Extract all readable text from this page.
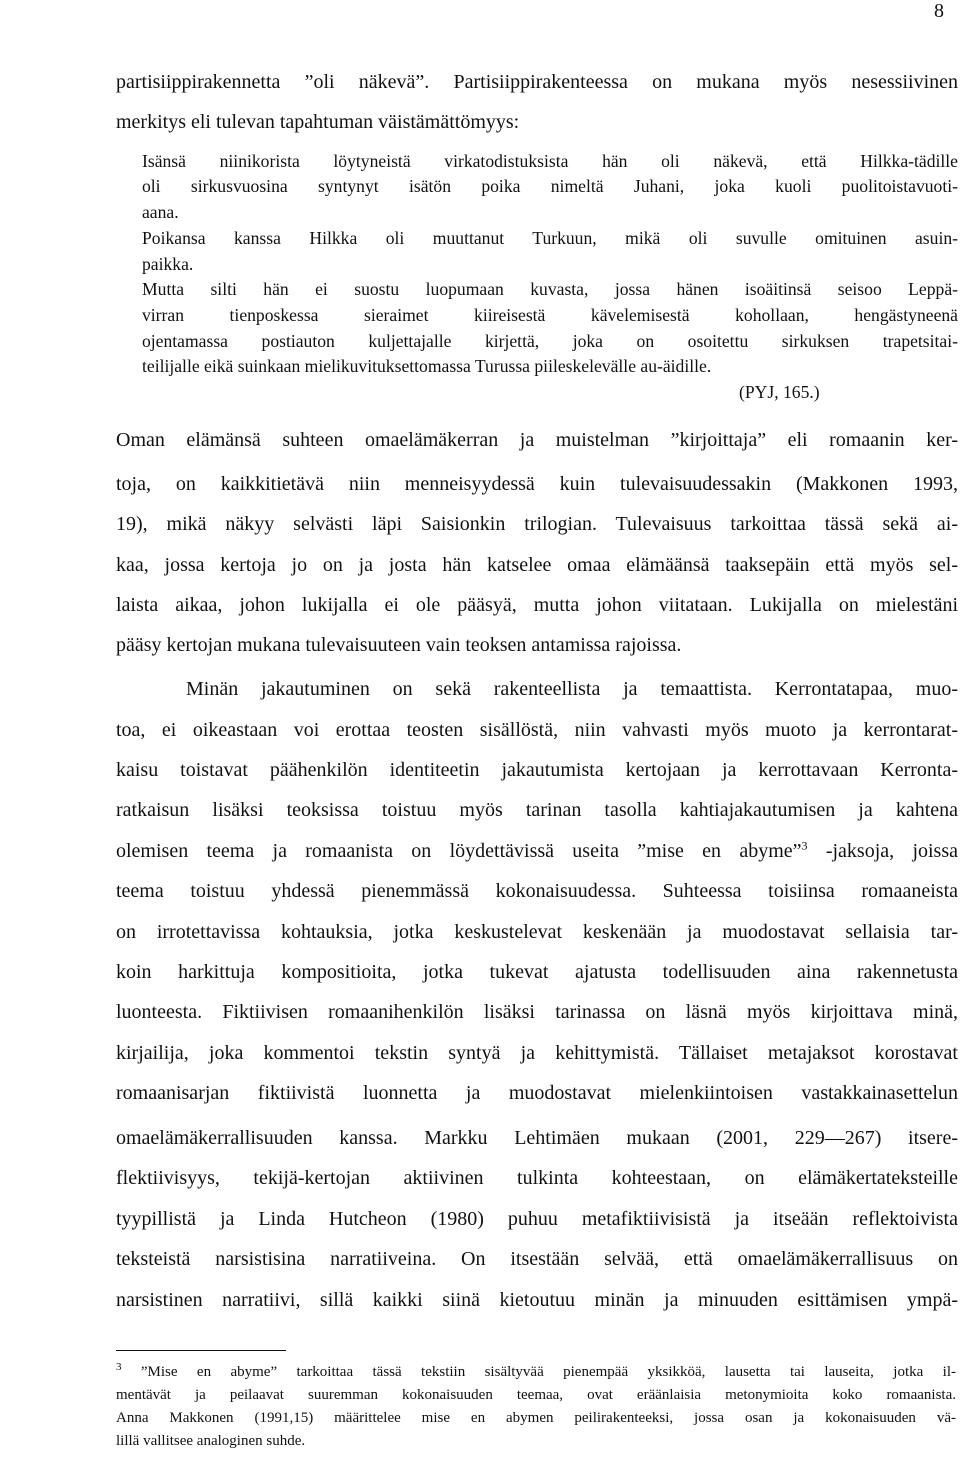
8
partisiippirakennetta ”oli näkevä”. Partisiippirakenteessa on mukana myös nesessiivinen
merkitys eli tulevan tapahtuman väistämättömyys:
Isänsä niinikorista löytyneistä virkatodistuksista hän oli näkevä, että Hilkka-tädille
oli sirkusvuosina syntynyt isätön poika nimeltä Juhani, joka kuoli puolitoistavuoti-
aana.
Poikansa kanssa Hilkka oli muuttanut Turkuun, mikä oli suvulle omituinen asuin-
paikka.
Mutta silti hän ei suostu luopumaan kuvasta, jossa hänen isoäitinsä seisoo Leppä-
virran tienposkessa sieraimet kiireisestä kävelemisestä kohollaan, hengästyneenä
ojentamassa postiauton kuljettajalle kirjettä, joka on osoitettu sirkuksen trapetsitai-
teilijalle eikä suinkaan mielikuvituksettomassa Turussa piileskelevälle au-äidille.
(PYJ, 165.)
Oman elämänsä suhteen omaelämäkerran ja muistelman ”kirjoittaja” eli romaanin ker-
toja, on kaikkitietävä niin menneisyydessä kuin tulevaisuudessakin (Makkonen 1993,
19), mikä näkyy selvästi läpi Saisionkin trilogian. Tulevaisuus tarkoittaa tässä sekä ai-
kaa, jossa kertoja jo on ja josta hän katselee omaa elämäänsä taaksepäin että myös sel-
laista aikaa, johon lukijalla ei ole pääsyä, mutta johon viitataan. Lukijalla on mielestäni
pääsy kertojan mukana tulevaisuuteen vain teoksen antamissa rajoissa.
Minän jakautuminen on sekä rakenteellista ja temaattista. Kerrontatapaa, muo-
toa, ei oikeastaan voi erottaa teosten sisällöstä, niin vahvasti myös muoto ja kerrontarat-
kaisu toistavat päähenkilön identiteetin jakautumista kertojaan ja kerrottavaan Kerronta-
ratkaisun lisäksi teoksissa toistuu myös tarinan tasolla kahtiajakautumisen ja kahtena
olemisen teema ja romaanista on löydettävissä useita ”mise en abyme”$^3$ -jaksoja, joissa
teema toistuu yhdessä pienemmässä kokonaisuudessa. Suhteessa toisiinsa romaaneista
on irrotettavissa kohtauksia, jotka keskustelevat keskenään ja muodostavat sellaisia tar-
koin harkittuja kompositioita, jotka tukevat ajatusta todellisuuden aina rakennetusta
luonteesta. Fiktiivisen romaanihenkilön lisäksi tarinassa on läsnä myös kirjoittava minä,
kirjailija, joka kommentoi tekstin syntyä ja kehittymistä. Tällaiset metajaksot korostavat
romaanisarjan fiktiivistä luonnetta ja muodostavat mielenkiintoisen vastakkainasettelun
omaelämäkerrallisuuden kanssa. Markku Lehtimäen mukaan (2001, 229—267) itsere-
flektiivisyys, tekijä-kertojan aktiivinen tulkinta kohteestaan, on elämäkertateksteille
tyypillistä ja Linda Hutcheon (1980) puhuu metafiktiivisistä ja itseään reflektoivista
teksteistä narsistisina narratiiveina. On itsestään selvää, että omaelämäkerrallisuus on
narsistinen narratiivi, sillä kaikki siinä kietoutuu minän ja minuuden esittämisen ympä-
$^3$ ”Mise en abyme” tarkoittaa tässä tekstiin sisältyvää pienempää yksikköä, lausetta tai lauseita, jotka il-
mentävät ja peilaavat suuremman kokonaisuuden teemaa, ovat eräänlaisia metonymioita koko romaanista.
Anna Makkonen (1991,15) määrittelee mise en abymen peilirakenteeksi, jossa osan ja kokonaisuuden vä-
lillä vallitsee analoginen suhde.
